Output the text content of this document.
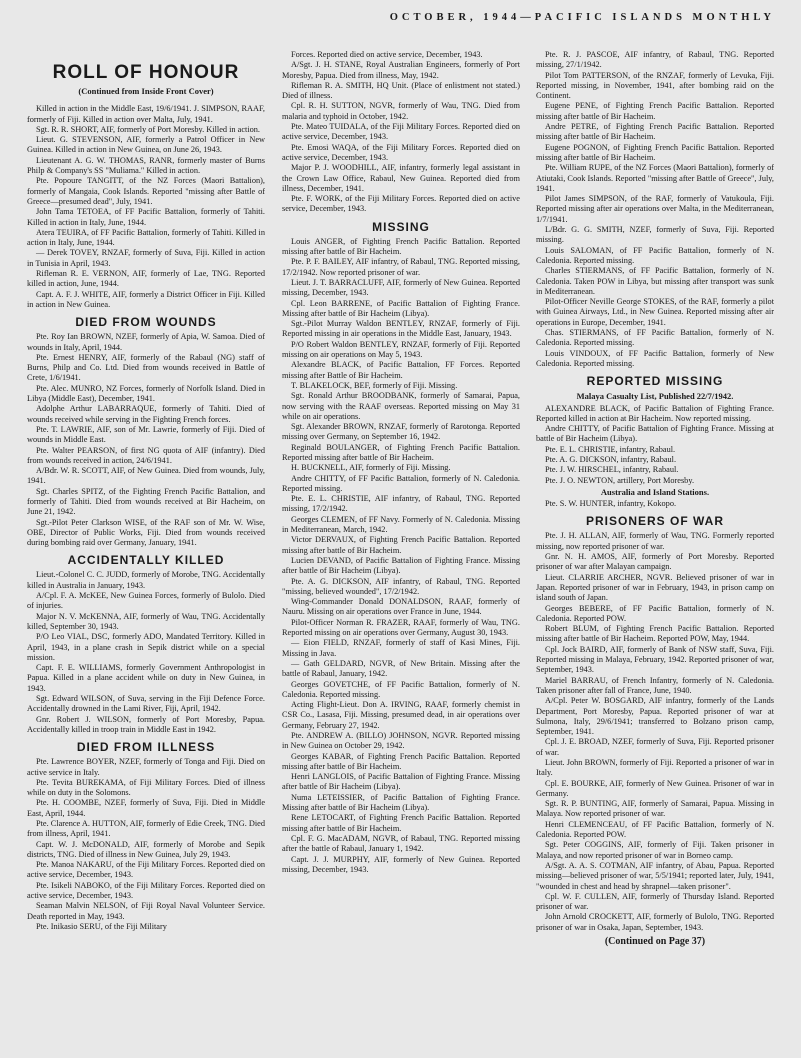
OCTOBER, 1944—PACIFIC ISLANDS MONTHLY
ROLL OF HONOUR
(Continued from Inside Front Cover)

Killed in action in the Middle East, 19/6/1941. J. SIMPSON, RAAF, formerly of Fiji. Killed in action over Malta, July, 1941.

Sgt. R. R. SHORT, AIF, formerly of Port Moresby. Killed in action.

Lieut. G. STEVENSON, AIF, formerly a Patrol Officer in New Guinea. Killed in action in New Guinea, on June 26, 1943.

Lieutenant A. G. W. THOMAS, RANR, formerly master of Burns Philp & Company's SS "Muliama." Killed in action.

Pte. Popoure TANGITT, of the NZ Forces (Maori Battalion), formerly of Mangaia, Cook Islands. Reported "missing after Battle of Greece—presumed dead", July, 1941.

John Tama TETOEA, of FF Pacific Battalion, formerly of Tahiti. Killed in action in Italy, June, 1944.

Atera TEUIRA, of FF Pacific Battalion, formerly of Tahiti. Killed in action in Italy, June, 1944.

— Derek TOVEY, RNZAF, formerly of Suva, Fiji. Killed in action in Tunisia in April, 1943.

Rifleman R. E. VERNON, AIF, formerly of Lae, TNG. Reported killed in action, June, 1944.

Capt. A. F. J. WHITE, AIF, formerly a District Officer in Fiji. Killed in action in New Guinea.

DIED FROM WOUNDS

Pte. Roy Ian BROWN, NZEF, formerly of Apia, W. Samoa. Died of wounds in Italy, April, 1944.

Pte. Ernest HENRY, AIF, formerly of the Rabaul (NG) staff of Burns, Philp and Co. Ltd. Died from wounds received in Battle of Crete, 1/6/1941.

Pte. Alec. MUNRO, NZ Forces, formerly of Norfolk Island. Died in Libya (Middle East), December, 1941.

Adolphe Arthur LABARRAQUE, formerly of Tahiti. Died of wounds received while serving in the Fighting French forces.

Pte. T. LAWRIE, AIF, son of Mr. Lawrie, formerly of Fiji. Died of wounds in Middle East.

Pte. Walter PEARSON, of first NG quota of AIF (infantry). Died from wounds received in action, 24/6/1941.

A/Bdr. W. R. SCOTT, AIF, of New Guinea. Died from wounds, July, 1941.

Sgt. Charles SPITZ, of the Fighting French Pacific Battalion, and formerly of Tahiti. Died from wounds received at Bir Hacheim, on June 21, 1942.

Sgt.-Pilot Peter Clarkson WISE, of the RAF son of Mr. W. Wise, OBE, Director of Public Works, Fiji. Died from wounds received during bombing raid over Germany, January, 1941.

ACCIDENTALLY KILLED

Lieut.-Colonel C. C. JUDD, formerly of Morobe, TNG. Accidentally killed in Australia in January, 1943.

A/Cpl. F. A. McKEE, New Guinea Forces, formerly of Bulolo. Died of injuries.

Major N. V. McKENNA, AIF, formerly of Wau, TNG. Accidentally killed, September 30, 1943.

P/O Leo VIAL, DSC, formerly ADO, Mandated Territory. Killed in April, 1943, in a plane crash in Sepik district while on a special mission.

Capt. F. E. WILLIAMS, formerly Government Anthropologist in Papua. Killed in a plane accident while on duty in New Guinea, in 1943.

Sgt. Edward WILSON, of Suva, serving in the Fiji Defence Force. Accidentally drowned in the Lami River, Fiji, April, 1942.

Gnr. Robert J. WILSON, formerly of Port Moresby, Papua. Accidentally killed in troop train in Middle East in 1942.

DIED FROM ILLNESS

Pte. Lawrence BOYER, NZEF, formerly of Tonga and Fiji. Died on active service in Italy.

Pte. Tevita BUREKAMA, of Fiji Military Forces. Died of illness while on duty in the Solomons.

Pte. H. COOMBE, NZEF, formerly of Suva, Fiji. Died in Middle East, April, 1944.

Pte. Clarence A. HUTTON, AIF, formerly of Edie Creek, TNG. Died from illness, April, 1941.

Capt. W. J. McDONALD, AIF, formerly of Morobe and Sepik districts, TNG. Died of illness in New Guinea, July 29, 1943.

Pte. Manoa NAKARU, of the Fiji Military Forces. Reported died on active service, December, 1943.

Pte. Isikeli NABOKO, of the Fiji Military Forces. Reported died on active service, December, 1943.

Seaman Malvin NELSON, of Fiji Royal Naval Volunteer Service. Death reported in May, 1943.

Pte. Inikasio SERU, of the Fiji Military

Forces. Reported died on active service, December, 1943.

A/Sgt. J. H. STANE, Royal Australian Engineers, formerly of Port Moresby, Papua. Died from illness, May, 1942.

Rifleman R. A. SMITH, HQ Unit. (Place of enlistment not stated.) Died of illness.

Cpl. R. H. SUTTON, NGVR, formerly of Wau, TNG. Died from malaria and typhoid in October, 1942.

Pte. Mateo TUIDALA, of the Fiji Military Forces. Reported died on active service, December, 1943.

Pte. Emosi WAQA, of the Fiji Military Forces. Reported died on active service, December, 1943.

Major P. J. WOODHILL, AIF, infantry, formerly legal assistant in the Crown Law Office, Rabaul, New Guinea. Reported died from illness, December, 1941.

Pte. F. WORK, of the Fiji Military Forces. Reported died on active service, December, 1943.

MISSING

Louis ANGER, of Fighting French Pacific Battalion. Reported missing after battle of Bir Hacheim.

Pte. P. F. BAILEY, AIF infantry, of Rabaul, TNG. Reported missing, 17/2/1942. Now reported prisoner of war.

Lieut. J. T. BARRACLUFF, AIF, formerly of New Guinea. Reported missing, December, 1943.

Cpl. Leon BARRENE, of Pacific Battalion of Fighting France. Missing after battle of Bir Hacheim (Libya).

Sgt.-Pilot Murray Waldon BENTLEY, RNZAF, formerly of Fiji. Reported missing in air operations in the Middle East, January, 1943.

P/O Robert Waldon BENTLEY, RNZAF, formerly of Fiji. Reported missing on air operations on May 5, 1943.

Alexandre BLACK, of Pacific Battalion, FF Forces. Reported missing after Battle of Bir Hacheim.

T. BLAKELOCK, BEF, formerly of Fiji. Missing.

Sgt. Ronald Arthur BROODBANK, formerly of Samarai, Papua, now serving with the RAAF overseas. Reported missing on May 31 while on air operations.

Sgt. Alexander BROWN, RNZAF, formerly of Rarotonga. Reported missing over Germany, on September 16, 1942.

Reginald BOULANGER, of Fighting French Pacific Battalion. Reported missing after battle of Bir Hacheim.

H. BUCKNELL, AIF, formerly of Fiji. Missing.

Andre CHITTY, of FF Pacific Battalion, formerly of N. Caledonia. Reported missing.

Pte. E. L. CHRISTIE, AIF infantry, of Rabaul, TNG. Reported missing, 17/2/1942.

Georges CLEMEN, of FF Navy. Formerly of N. Caledonia. Missing in Mediterranean, March, 1942.

Victor DERVAUX, of Fighting French Pacific Battalion. Reported missing after battle of Bir Hacheim.

Lucien DEVAND, of Pacific Battalion of Fighting France. Missing after battle of Bir Hacheim (Libya).

Pte. A. G. DICKSON, AIF infantry, of Rabaul, TNG. Reported "missing, believed wounded", 17/2/1942.

Wing-Commander Donald DONALDSON, RAAF, formerly of Nauru. Missing on air operations over France in June, 1944.

Pilot-Officer Norman R. FRAZER, RAAF, formerly of Wau, TNG. Reported missing on air operations over Germany, August 30, 1943.

— Eion FIELD, RNZAF, formerly of staff of Kasi Mines, Fiji. Missing in Java.

— Gath GELDARD, NGVR, of New Britain. Missing after the battle of Rabaul, January, 1942.

Georges GOVETCHE, of FF Pacific Battalion, formerly of N. Caledonia. Reported missing.

Acting Flight-Lieut. Don A. IRVING, RAAF, formerly chemist in CSR Co., Lasasa, Fiji. Missing, presumed dead, in air operations over Germany, February 27, 1942.

Pte. ANDREW A. (BILLO) JOHNSON, NGVR. Reported missing in New Guinea on October 29, 1942.

Georges KABAR, of Fighting French Pacific Battalion. Reported missing after battle of Bir Hacheim.

Henri LANGLOIS, of Pacific Battalion of Fighting France. Missing after battle of Bir Hacheim (Libya).

Numa LETEISSIER, of Pacific Battalion of Fighting France. Missing after battle of Bir Hacheim (Libya).

Rene LETOCART, of Fighting French Pacific Battalion. Reported missing after battle of Bir Hacheim.

Cpl. F. G. MacADAM, NGVR, of Rabaul, TNG. Reported missing after the battle of Rabaul, January 1, 1942.

Capt. J. J. MURPHY, AIF, formerly of New Guinea. Reported missing, December, 1943.

Pte. R. J. PASCOE, AIF infantry, of Rabaul, TNG. Reported missing, 27/1/1942.

Pilot Tom PATTERSON, of the RNZAF, formerly of Levuka, Fiji. Reported missing, in November, 1941, after bombing raid on the Continent.

Eugene PENE, of Fighting French Pacific Battalion. Reported missing after battle of Bir Hacheim.

Andre PETRE, of Fighting French Pacific Battalion. Reported missing after battle of Bir Hacheim.

Eugene POGNON, of Fighting French Pacific Battalion. Reported missing after battle of Bir Hacheim.

Pte. William RUPE, of the NZ Forces (Maori Battalion), formerly of Atiutaki, Cook Islands. Reported "missing after Battle of Greece", July, 1941.

Pilot James SIMPSON, of the RAF, formerly of Vatukoula, Fiji. Reported missing after air operations over Malta, in the Mediterranean, 1/7/1941.

L/Bdr. G. G. SMITH, NZEF, formerly of Suva, Fiji. Reported missing.

Louis SALOMAN, of FF Pacific Battalion, formerly of N. Caledonia. Reported missing.

Charles STIERMANS, of FF Pacific Battalion, formerly of N. Caledonia. Taken POW in Libya, but missing after transport was sunk in Mediterranean.

Pilot-Officer Neville George STOKES, of the RAF, formerly a pilot with Guinea Airways, Ltd., in New Guinea. Reported missing after air operations in Europe, December, 1941.

Chas. STIERMANS, of FF Pacific Battalion, formerly of N. Caledonia. Reported missing.

Louis VINDOUX, of FF Pacific Battalion, formerly of New Caledonia. Reported missing.

REPORTED MISSING
Malaya Casualty List, Published 22/7/1942.

ALEXANDRE BLACK, of Pacific Battalion of Fighting France. Reported killed in action at Bir Hacheim. Now reported missing.

Andre CHITTY, of Pacific Battalion of Fighting France. Missing at battle of Bir Hacheim (Libya).

Pte. E. L. CHRISTIE, infantry, Rabaul.

Pte. A. G. DICKSON, infantry, Rabaul.

Pte. J. W. HIRSCHEL, infantry, Rabaul.

Pte. J. O. NEWTON, artillery, Port Moresby.

Australia and Island Stations.

Pte. S. W. HUNTER, infantry, Kokopo.

PRISONERS OF WAR

Pte. J. H. ALLAN, AIF, formerly of Wau, TNG. Formerly reported missing, now reported prisoner of war.

Gnr. N. H. AMOS, AIF, formerly of Port Moresby. Reported prisoner of war after Malayan campaign.

Lieut. CLARRIE ARCHER, NGVR. Believed prisoner of war in Japan. Reported prisoner of war in February, 1943, in prison camp on island south of Japan.

Georges BEBERE, of FF Pacific Battalion, formerly of N. Caledonia. Reported POW.

Robert BLUM, of Fighting French Pacific Battalion. Reported missing after battle of Bir Hacheim. Reported POW, May, 1944.

Cpl. Jock BAIRD, AIF, formerly of Bank of NSW staff, Suva, Fiji. Reported missing in Malaya, February, 1942. Reported prisoner of war, September, 1943.

Mariel BARRAU, of French Infantry, formerly of N. Caledonia. Taken prisoner after fall of France, June, 1940.

A/Cpl. Peter W. BOSGARD, AIF infantry, formerly of the Lands Department, Port Moresby, Papua. Reported prisoner of war at Sulmona, Italy, 29/6/1941; transferred to Bolzano prison camp, September, 1941.

Cpl. J. E. BROAD, NZEF, formerly of Suva, Fiji. Reported prisoner of war.

Lieut. John BROWN, formerly of Fiji. Reported a prisoner of war in Italy.

Cpl. E. BOURKE, AIF, formerly of New Guinea. Prisoner of war in Germany.

Sgt. R. P. BUNTING, AIF, formerly of Samarai, Papua. Missing in Malaya. Now reported prisoner of war.

Henri CLEMENCEAU, of FF Pacific Battalion, formerly of N. Caledonia. Reported POW.

Sgt. Peter COGGINS, AIF, formerly of Fiji. Taken prisoner in Malaya, and now reported prisoner of war in Borneo camp.

A/Sgt. A. A. S. COTMAN, AIF infantry, of Abau, Papua. Reported missing—believed prisoner of war, 5/5/1941; reported later, July, 1941, "wounded in chest and head by shrapnel—taken prisoner".

Cpl. W. F. CULLEN, AIF, formerly of Thursday Island. Reported prisoner of war.

John Arnold CROCKETT, AIF, formerly of Bulolo, TNG. Reported prisoner of war in Osaka, Japan, September, 1943.

(Continued on Page 37)
